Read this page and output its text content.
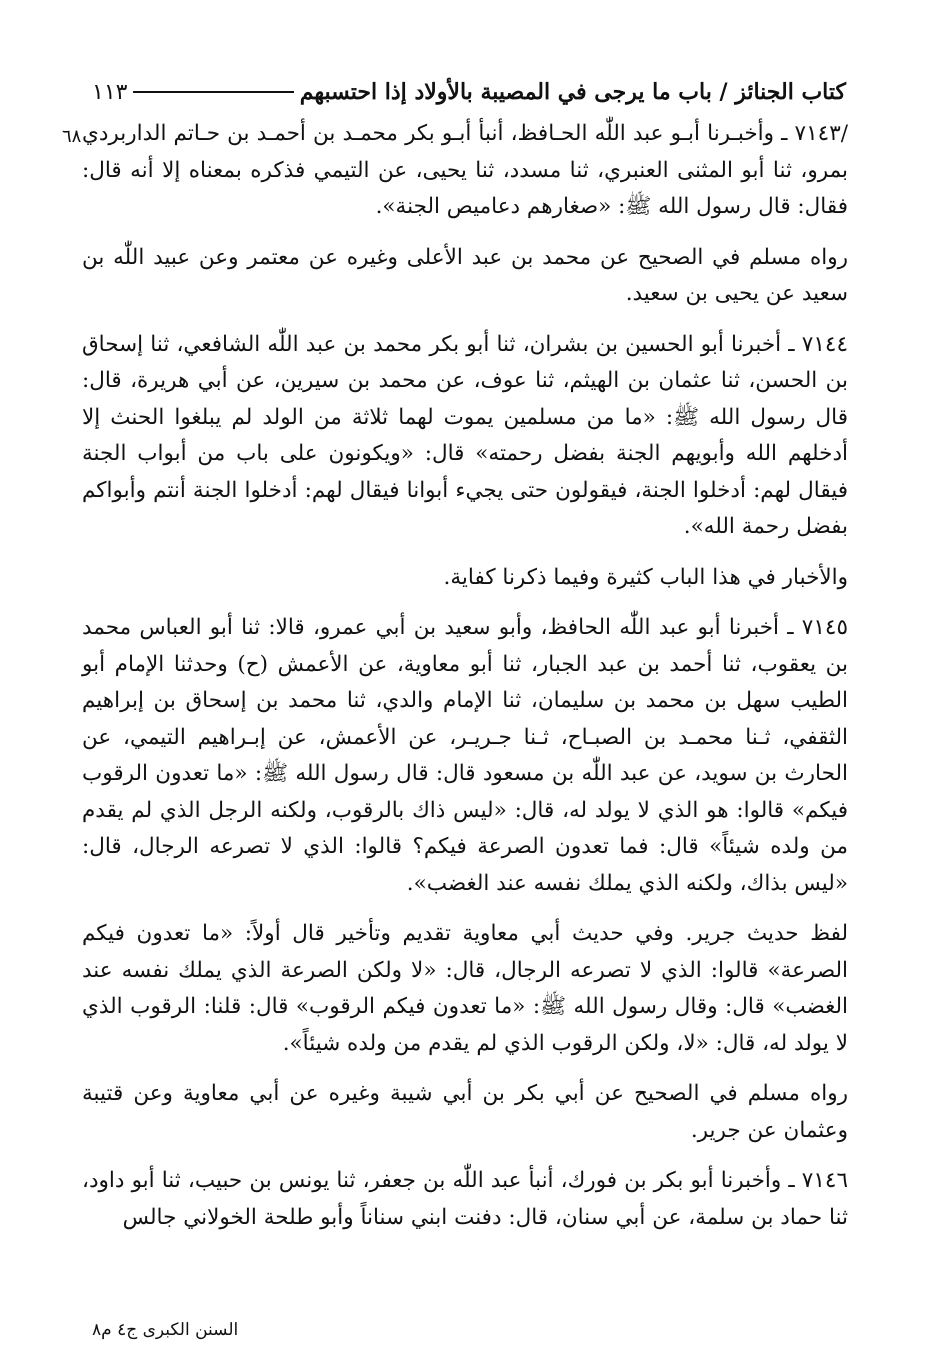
كتاب الجنائز / باب ما يرجى في المصيبة بالأولاد إذا احتسبهم
١١٣
٦٨ /٧١٤٣ ـ وأخبـرنا أبـو عبد اللّٰه الحـافظ، أنبأ أبـو بكر محمـد بن أحمـد بن حـاتم الداربردي بمرو، ثنا أبو المثنى العنبري، ثنا مسدد، ثنا يحيى، عن التيمي فذكره بمعناه إلا أنه قال: فقال: قال رسول الله ﷺ: «صغارهم دعاميص الجنة».

رواه مسلم في الصحيح عن محمد بن عبد الأعلى وغيره عن معتمر وعن عبيد اللّٰه بن سعيد عن يحيى بن سعيد.

٧١٤٤ ـ أخبرنا أبو الحسين بن بشران، ثنا أبو بكر محمد بن عبد اللّٰه الشافعي، ثنا إسحاق بن الحسن، ثنا عثمان بن الهيثم، ثنا عوف، عن محمد بن سيرين، عن أبي هريرة، قال: قال رسول الله ﷺ: «ما من مسلمين يموت لهما ثلاثة من الولد لم يبلغوا الحنث إلا أدخلهم الله وأبويهم الجنة بفضل رحمته» قال: «ويكونون على باب من أبواب الجنة فيقال لهم: أدخلوا الجنة، فيقولون حتى يجيء أبوانا فيقال لهم: أدخلوا الجنة أنتم وأبواكم بفضل رحمة الله».

والأخبار في هذا الباب كثيرة وفيما ذكرنا كفاية.

٧١٤٥ ـ أخبرنا أبو عبد اللّٰه الحافظ، وأبو سعيد بن أبي عمرو، قالا: ثنا أبو العباس محمد بن يعقوب، ثنا أحمد بن عبد الجبار، ثنا أبو معاوية، عن الأعمش (ح) وحدثنا الإمام أبو الطيب سهل بن محمد بن سليمان، ثنا الإمام والدي، ثنا محمد بن إسحاق بن إبراهيم الثقفي، ثـنا محمـد بن الصبـاح، ثـنا جـريـر، عن الأعمش، عن إبـراهيم التيمي، عن الحارث بن سويد، عن عبد اللّٰه بن مسعود قال: قال رسول الله ﷺ: «ما تعدون الرقوب فيكم» قالوا: هو الذي لا يولد له، قال: «ليس ذاك بالرقوب، ولكنه الرجل الذي لم يقدم من ولده شيئاً» قال: فما تعدون الصرعة فيكم؟ قالوا: الذي لا تصرعه الرجال، قال: «ليس بذاك، ولكنه الذي يملك نفسه عند الغضب».

لفظ حديث جرير. وفي حديث أبي معاوية تقديم وتأخير قال أولاً: «ما تعدون فيكم الصرعة» قالوا: الذي لا تصرعه الرجال، قال: «لا ولكن الصرعة الذي يملك نفسه عند الغضب» قال: وقال رسول الله ﷺ: «ما تعدون فيكم الرقوب» قال: قلنا: الرقوب الذي لا يولد له، قال: «لا، ولكن الرقوب الذي لم يقدم من ولده شيئاً».

رواه مسلم في الصحيح عن أبي بكر بن أبي شيبة وغيره عن أبي معاوية وعن قتيبة وعثمان عن جرير.

٧١٤٦ ـ وأخبرنا أبو بكر بن فورك، أنبأ عبد اللّٰه بن جعفر، ثنا يونس بن حبيب، ثنا أبو داود، ثنا حماد بن سلمة، عن أبي سنان، قال: دفنت ابني سناناً وأبو طلحة الخولاني جالس

السنن الكبرى ج٤ م٨
